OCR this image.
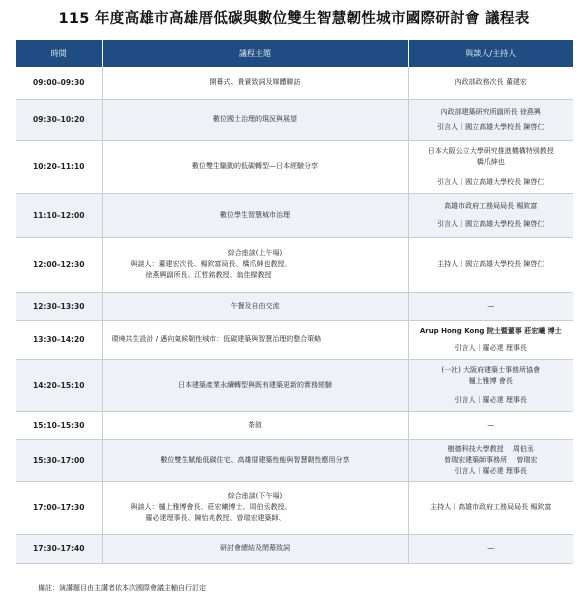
115 年度高雄市高雄厝低碳與數位雙生智慧韌性城市國際研討會 議程表
時間	議程主題	與談人/主持人
09:00–09:30	開幕式、貴賓致詞及媒體聯訪	內政部政務次長 董建宏

09:30–10:20	數位國土治理的現況與展望	內政部建築研究所副所長 徐燕興
引言人｜國立高雄大學校長 陳啓仁

10:20–11:10	數位雙生驅動的低碳轉型—日本經驗分享	日本大阪公立大學研究推進機構特別教授
橋爪紳也
引言人｜國立高雄大學校長 陳啓仁

11:10–12:00	數位學生智慧城市治理	高雄市政府工務局局長 楊欽富
引言人｜國立高雄大學校長 陳啓仁

12:00–12:30	綜合座談(上午場)
與談人：董建宏次長、楊欽富局長、橋爪紳也教授、
徐燕興副所長、江哲銘教授、翁佳樑教授	主持人｜國立高雄大學校長 陳啓仁

12:30–13:30	午餐及自由交流	—

13:30–14:20	環境共生設計 / 邁向氣候韌性城市：低碳建築與智慧治理的整合策略	Arup Hong Kong 院士暨董事 莊宏曦 博士
引言人｜羅必達 理事長

14:20–15:10	日本建築產業永續轉型與既有建築更新的實務經驗	(一社) 大阪府建築士事務所協會
樋上雅博 會長
引言人｜羅必達 理事長

15:10–15:30	茶敘	—

15:30–17:00	數位雙生賦能低碳住宅、高雄厝建築性能與智慧韌性應用分享	樹德科技大學教授 　周伯丞
曾瑞宏建築師事務所 　曾瑞宏
引言人｜羅必達 理事長

17:00–17:30	綜合座談(下午場)
與談人：樋上雅博會長、莊宏曦博士、周伯丞教授、
羅必達理事長、陳怡兆教授、曾瑞宏建築師、	主持人｜高雄市政府工務局局長 楊欽富

17:30–17:40	研討會總結及閉幕致詞	—

備註：演講題目由主講者依本次國際會議主軸自行訂定
